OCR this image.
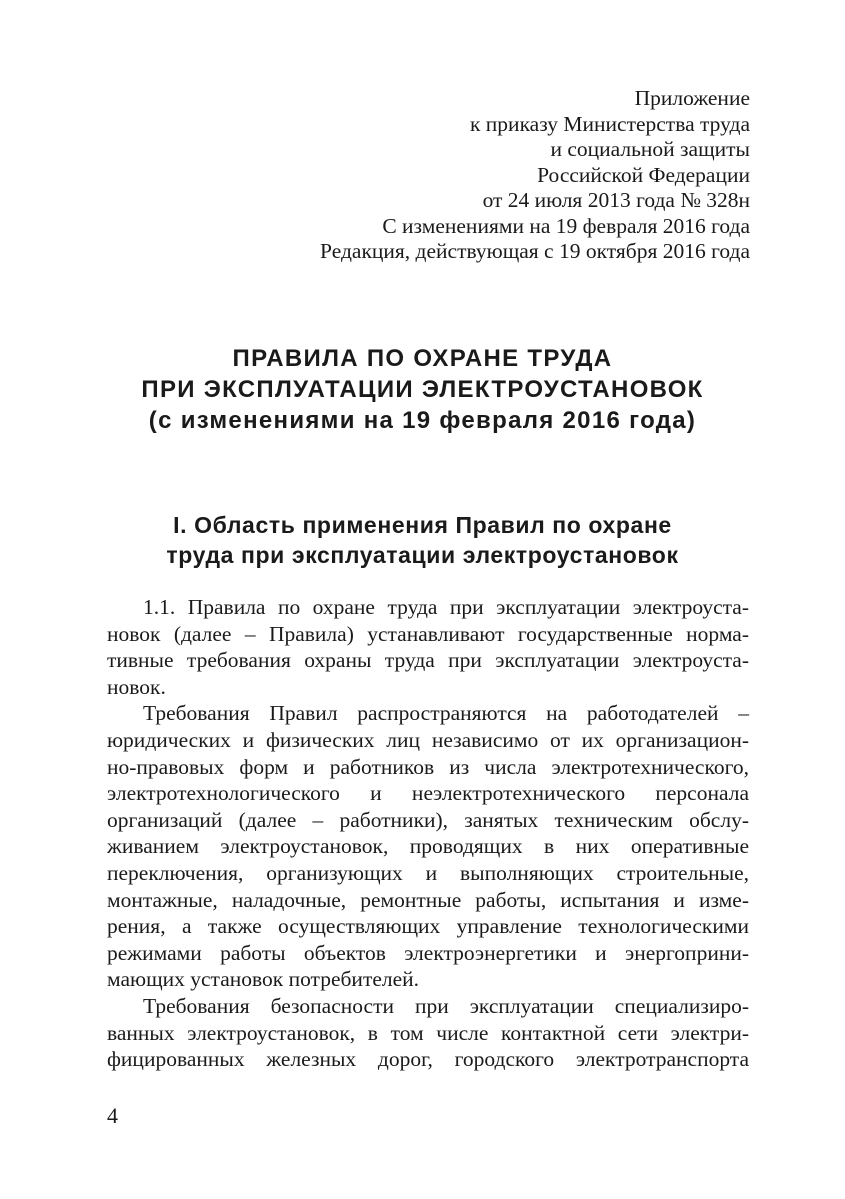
Приложение
к приказу Министерства труда
и социальной защиты
Российской Федерации
от 24 июля 2013 года № 328н
С изменениями на 19 февраля 2016 года
Редакция, действующая с 19 октября 2016 года
ПРАВИЛА ПО ОХРАНЕ ТРУДА
ПРИ ЭКСПЛУАТАЦИИ ЭЛЕКТРОУСТАНОВОК
(с изменениями на 19 февраля 2016 года)
I. Область применения Правил по охране
труда при эксплуатации электроустановок
1.1. Правила по охране труда при эксплуатации электроуста-
новок (далее – Правила) устанавливают государственные норма-
тивные требования охраны труда при эксплуатации электроуста-
новок.
Требования Правил распространяются на работодателей –
юридических и физических лиц независимо от их организацион-
но-правовых форм и работников из числа электротехнического,
электротехнологического и неэлектротехнического персонала
организаций (далее – работники), занятых техническим обслу-
живанием электроустановок, проводящих в них оперативные
переключения, организующих и выполняющих строительные,
монтажные, наладочные, ремонтные работы, испытания и изме-
рения, а также осуществляющих управление технологическими
режимами работы объектов электроэнергетики и энергоприни-
мающих установок потребителей.
Требования безопасности при эксплуатации специализиро-
ванных электроустановок, в том числе контактной сети электри-
фицированных железных дорог, городского электротранспорта
4
